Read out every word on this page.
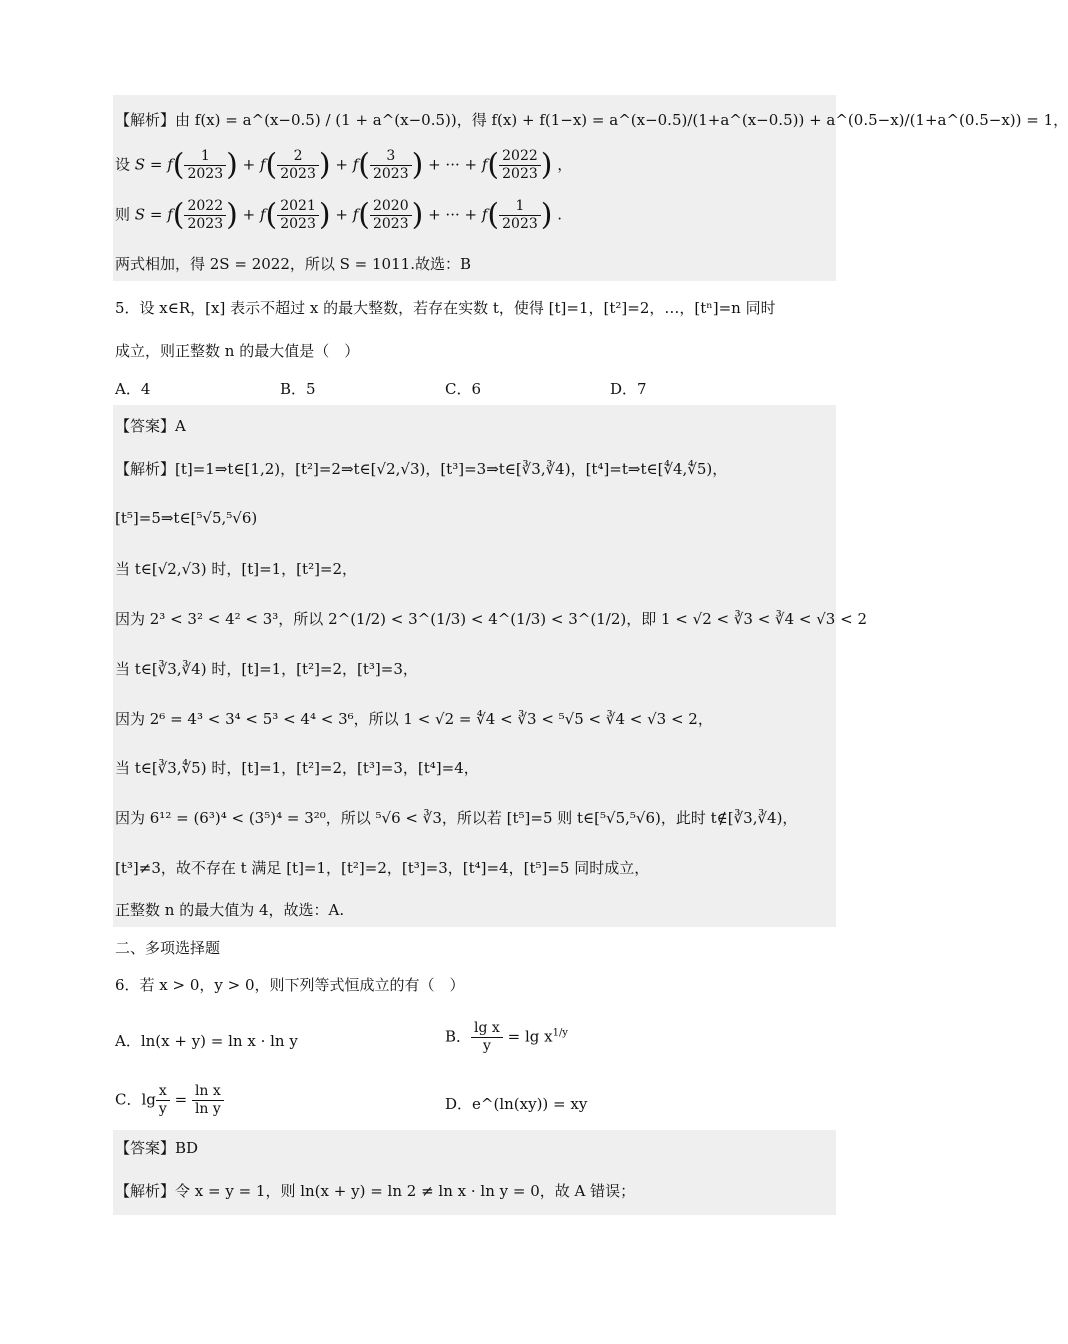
【解析】由 f(x) = a^(x−0.5) / (1 + a^(x−0.5))，得 f(x) + f(1−x) = a^(x−0.5)/(1+a^(x−0.5)) + a^(0.5−x)/(1+a^(0.5−x)) = 1，
设 $S = f( \frac{1}{2023}$ ) + $f( \frac{2}{2023}$ ) + $f( \frac{3}{2023}$ ) + ··· + $f( \frac{2022}{2023}$ ) ，
则 $S = f( \frac{2022}{2023}$ ) + $f( \frac{2021}{2023}$ ) + $f( \frac{2020}{2023}$ ) + ··· + $f( \frac{1}{2023}$ ) .
两式相加，得 2S = 2022，所以 S = 1011.故选：B
5．设 x∈R，[x] 表示不超过 x 的最大整数，若存在实数 t，使得 [t]=1，[t²]=2，…，[tⁿ]=n 同时
成立，则正整数 n 的最大值是（　）
A．4	B．5	C．6	D．7
【答案】A
【解析】[t]=1⇒t∈[1,2)，[t²]=2⇒t∈[√2,√3)，[t³]=3⇒t∈[∛3,∛4)，[t⁴]=t⇒t∈[∜4,∜5)，
[t⁵]=5⇒t∈[⁵√5,⁵√6)
当 t∈[√2,√3) 时，[t]=1，[t²]=2，
因为 2³ < 3² < 4² < 3³，所以 2^(1/2) < 3^(1/3) < 4^(1/3) < 3^(1/2)，即 1 < √2 < ∛3 < ∛4 < √3 < 2
当 t∈[∛3,∛4) 时，[t]=1，[t²]=2，[t³]=3，
因为 2⁶ = 4³ < 3⁴ < 5³ < 4⁴ < 3⁶，所以 1 < √2 = ∜4 < ∛3 < ⁵√5 < ∛4 < √3 < 2，
当 t∈[∛3,∜5) 时，[t]=1，[t²]=2，[t³]=3，[t⁴]=4，
因为 6¹² = (6³)⁴ < (3⁵)⁴ = 3²⁰，所以 ⁵√6 < ∛3，所以若 [t⁵]=5 则 t∈[⁵√5,⁵√6)，此时 t∉[∛3,∛4)，
[t³]≠3，故不存在 t 满足 [t]=1，[t²]=2，[t³]=3，[t⁴]=4，[t⁵]=5 同时成立，
正整数 n 的最大值为 4，故选：A.
二、多项选择题
6．若 x > 0，y > 0，则下列等式恒成立的有（　）
A．ln(x + y) = ln x · ln y	B． $\frac{\text{lg x}}{y} = \lg x^{1/y}$
C．$\lg \frac{x}{y} = \frac{\text{ln x}}{\text{ln y}}$	D．e^(ln(xy)) = xy
【答案】BD
【解析】令 x = y = 1，则 ln(x + y) = ln 2 ≠ ln x · ln y = 0，故 A 错误；
